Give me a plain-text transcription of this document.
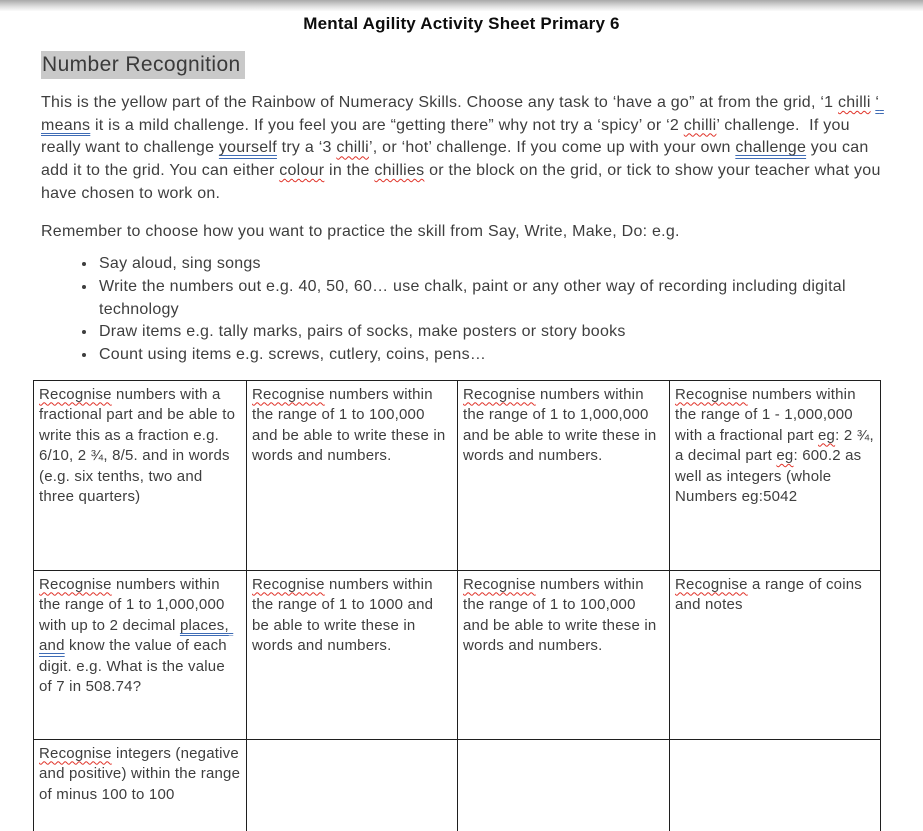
Mental Agility Activity Sheet Primary 6
Number Recognition
This is the yellow part of the Rainbow of Numeracy Skills. Choose any task to ‘have a go” at from the grid, ‘1 chilli ‘ means it is a mild challenge. If you feel you are “getting there” why not try a ‘spicy’ or ‘2 chilli’ challenge.  If you really want to challenge yourself try a ‘3 chilli’, or ‘hot’ challenge. If you come up with your own challenge you can add it to the grid. You can either colour in the chillies or the block on the grid, or tick to show your teacher what you have chosen to work on.
Remember to choose how you want to practice the skill from Say, Write, Make, Do: e.g.
• Say aloud, sing songs
• Write the numbers out e.g. 40, 50, 60… use chalk, paint or any other way of recording including digital technology
• Draw items e.g. tally marks, pairs of socks, make posters or story books
• Count using items e.g. screws, cutlery, coins, pens…
Recognise numbers with a fractional part and be able to write this as a fraction e.g. 6/10, 2 ¾, 8/5. and in words (e.g. six tenths, two and three quarters)	Recognise numbers within the range of 1 to 100,000 and be able to write these in words and numbers.	Recognise numbers within the range of 1 to 1,000,000 and be able to write these in words and numbers.	Recognise numbers within the range of 1 - 1,000,000 with a fractional part eg: 2 ¾, a decimal part eg: 600.2 as well as integers (whole Numbers eg:5042
Recognise numbers within the range of 1 to 1,000,000 with up to 2 decimal places, and know the value of each digit. e.g. What is the value of 7 in 508.74?	Recognise numbers within the range of 1 to 1000 and be able to write these in words and numbers.	Recognise numbers within the range of 1 to 100,000 and be able to write these in words and numbers.	Recognise a range of coins and notes
Recognise integers (negative and positive) within the range of minus 100 to 100			
